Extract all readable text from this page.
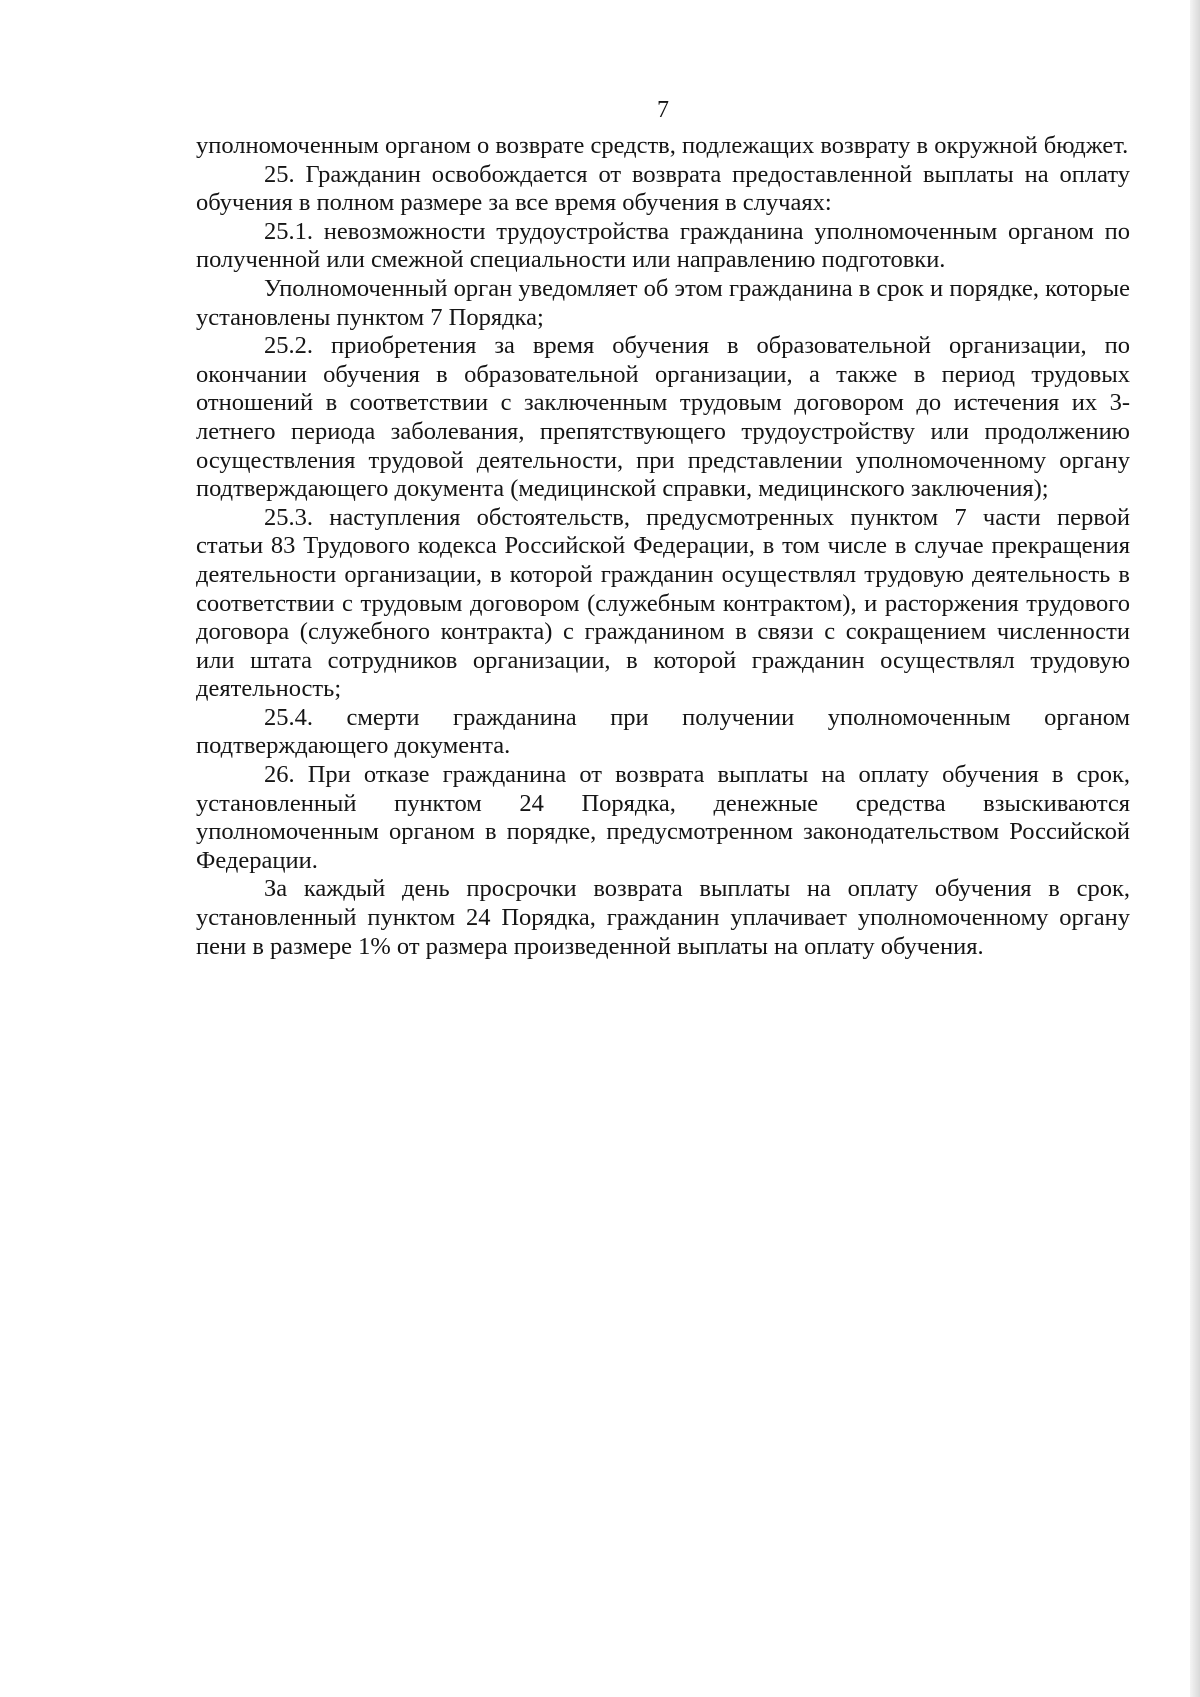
7

уполномоченным органом о возврате средств, подлежащих возврату в окружной бюджет.

25. Гражданин освобождается от возврата предоставленной выплаты на оплату обучения в полном размере за все время обучения в случаях:

25.1. невозможности трудоустройства гражданина уполномоченным органом по полученной или смежной специальности или направлению подготовки.

Уполномоченный орган уведомляет об этом гражданина в срок и порядке, которые установлены пунктом 7 Порядка;

25.2. приобретения за время обучения в образовательной организации, по окончании обучения в образовательной организации, а также в период трудовых отношений в соответствии с заключенным трудовым договором до истечения их 3-летнего периода заболевания, препятствующего трудоустройству или продолжению осуществления трудовой деятельности, при представлении уполномоченному органу подтверждающего документа (медицинской справки, медицинского заключения);

25.3. наступления обстоятельств, предусмотренных пунктом 7 части первой статьи 83 Трудового кодекса Российской Федерации, в том числе в случае прекращения деятельности организации, в которой гражданин осуществлял трудовую деятельность в соответствии с трудовым договором (служебным контрактом), и расторжения трудового договора (служебного контракта) с гражданином в связи с сокращением численности или штата сотрудников организации, в которой гражданин осуществлял трудовую деятельность;

25.4. смерти гражданина при получении уполномоченным органом подтверждающего документа.

26. При отказе гражданина от возврата выплаты на оплату обучения в срок, установленный пунктом 24 Порядка, денежные средства взыскиваются уполномоченным органом в порядке, предусмотренном законодательством Российской Федерации.

За каждый день просрочки возврата выплаты на оплату обучения в срок, установленный пунктом 24 Порядка, гражданин уплачивает уполномоченному органу пени в размере 1% от размера произведенной выплаты на оплату обучения.
